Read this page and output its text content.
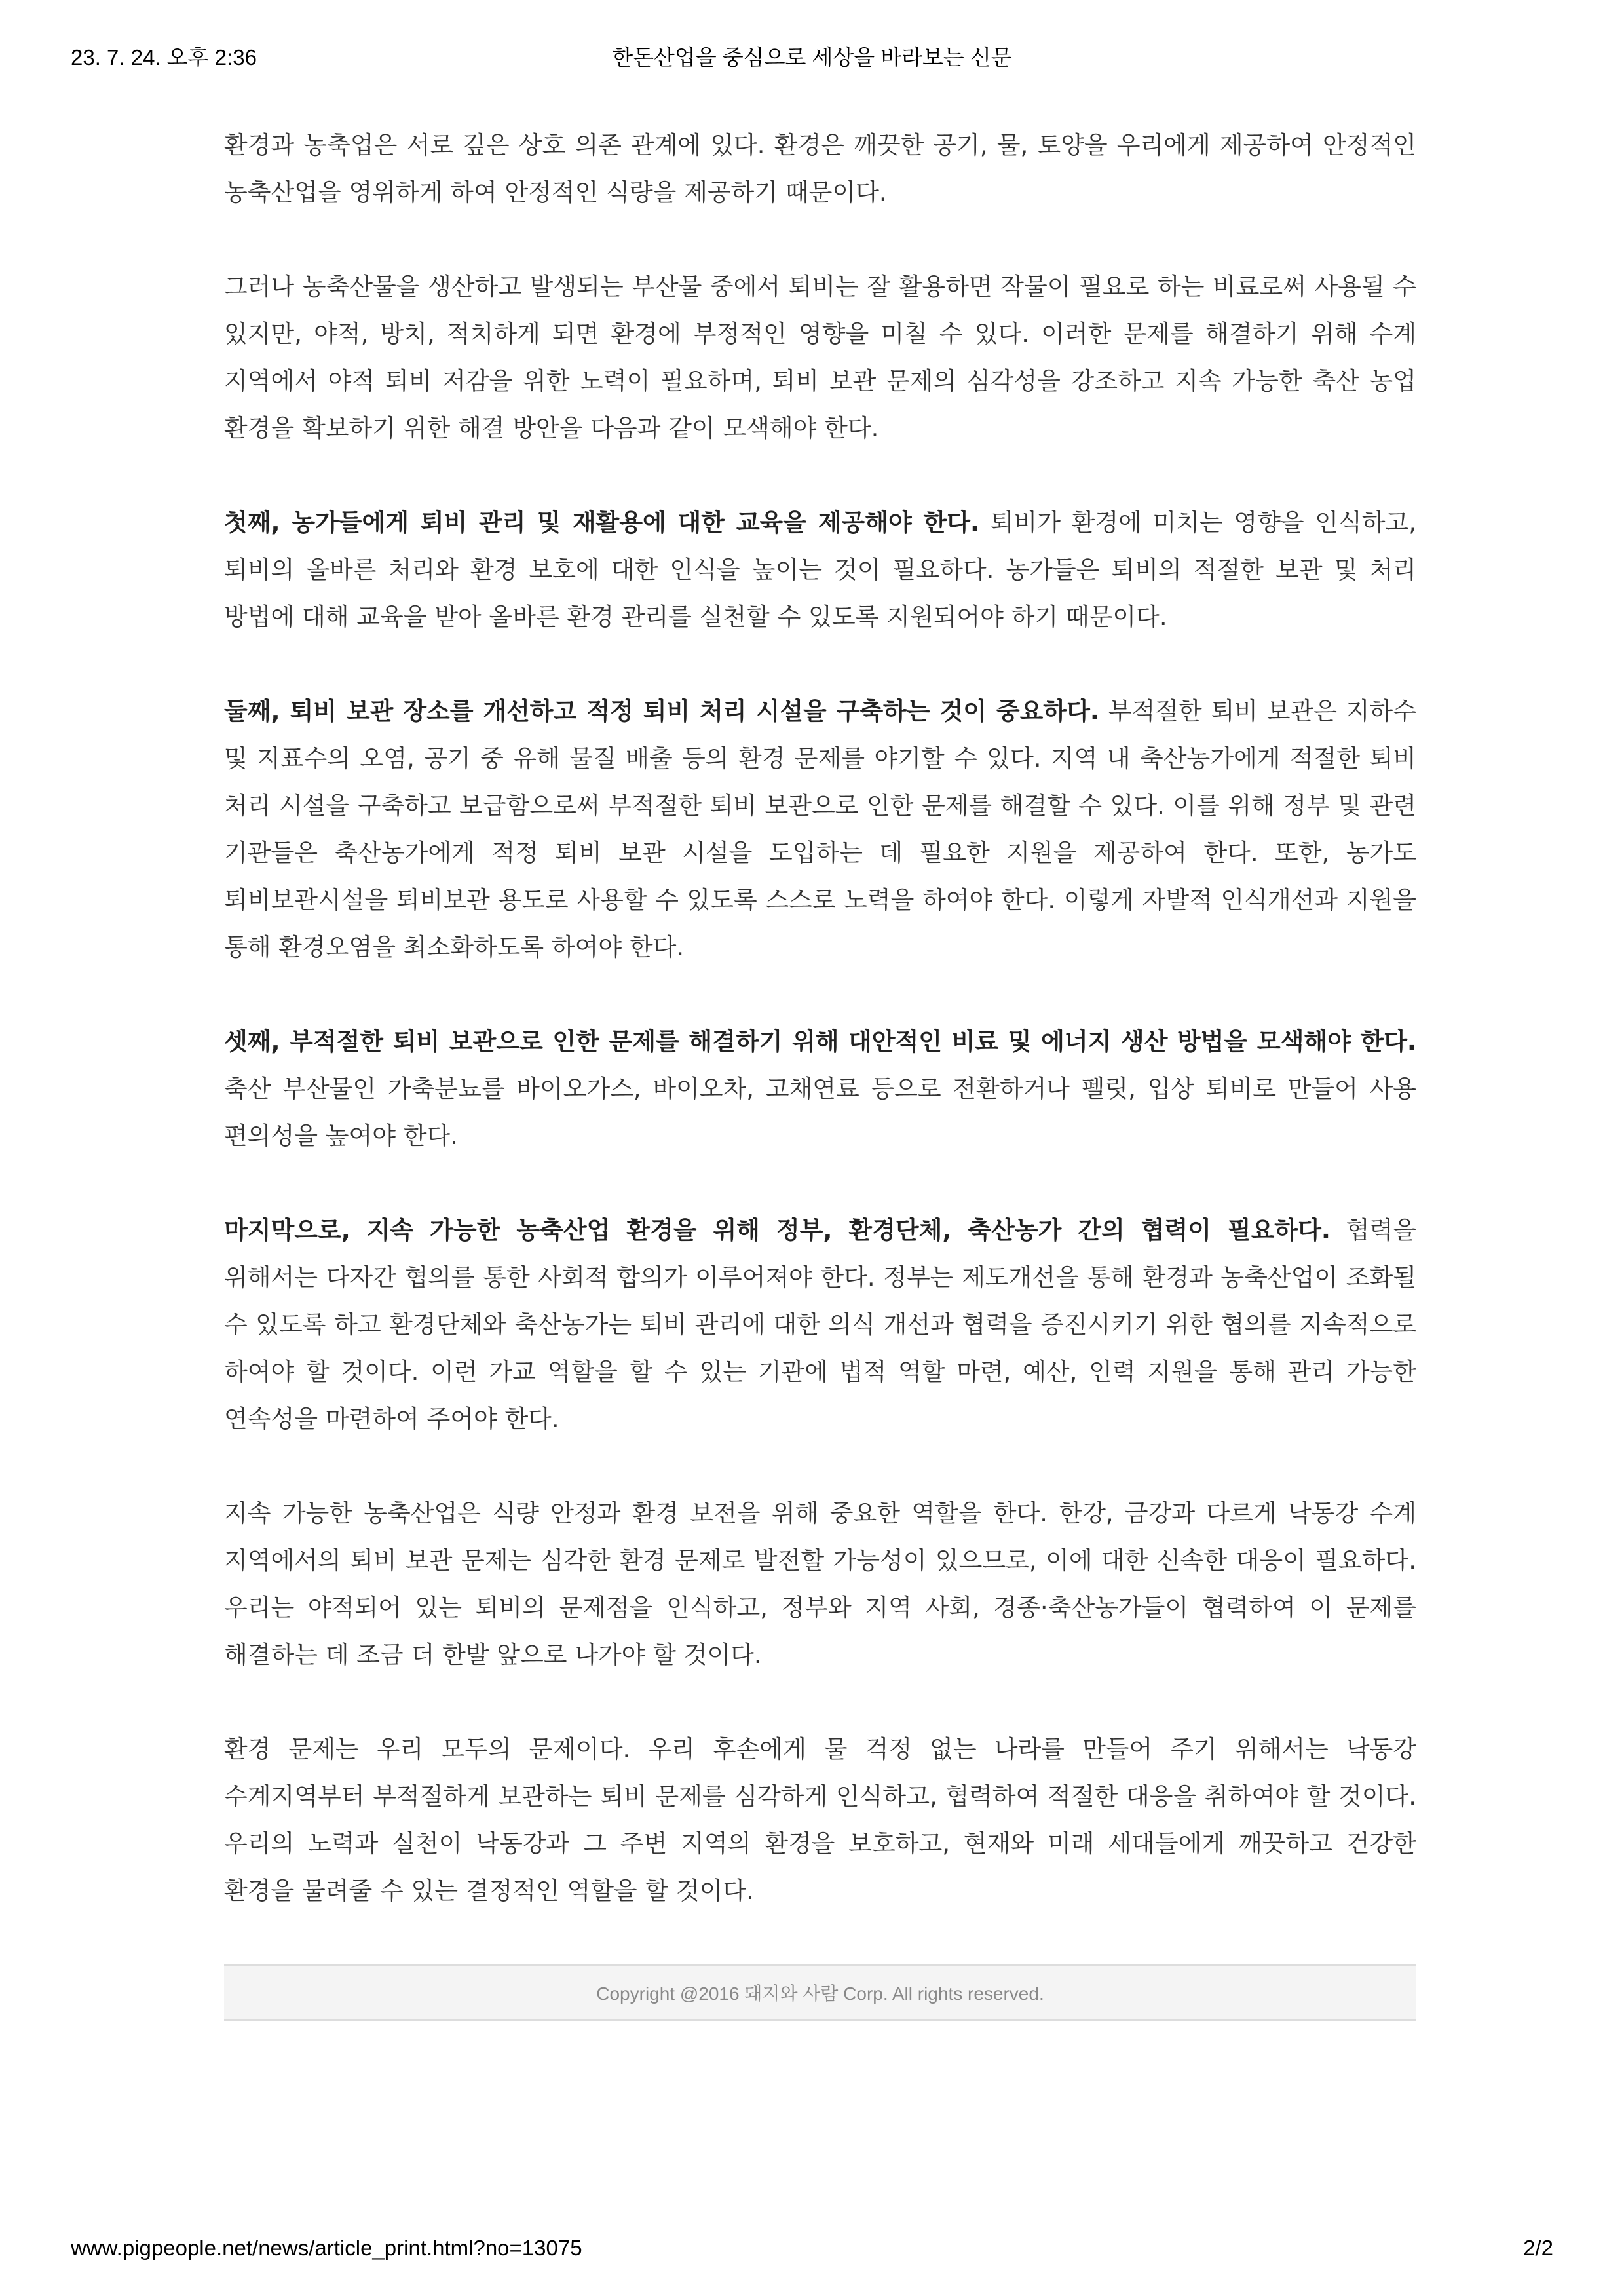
한돈산업을 중심으로 세상을 바라보는 신문
23. 7. 24. 오후 2:36

환경과 농축업은 서로 깊은 상호 의존 관계에 있다. 환경은 깨끗한 공기, 물, 토양을 우리에게 제공하여 안정적인 농축산업을 영위하게 하여 안정적인 식량을 제공하기 때문이다.

그러나 농축산물을 생산하고 발생되는 부산물 중에서 퇴비는 잘 활용하면 작물이 필요로 하는 비료로써 사용될 수 있지만, 야적, 방치, 적치하게 되면 환경에 부정적인 영향을 미칠 수 있다. 이러한 문제를 해결하기 위해 수계 지역에서 야적 퇴비 저감을 위한 노력이 필요하며, 퇴비 보관 문제의 심각성을 강조하고 지속 가능한 축산 농업 환경을 확보하기 위한 해결 방안을 다음과 같이 모색해야 한다.

첫째, 농가들에게 퇴비 관리 및 재활용에 대한 교육을 제공해야 한다. 퇴비가 환경에 미치는 영향을 인식하고, 퇴비의 올바른 처리와 환경 보호에 대한 인식을 높이는 것이 필요하다. 농가들은 퇴비의 적절한 보관 및 처리 방법에 대해 교육을 받아 올바른 환경 관리를 실천할 수 있도록 지원되어야 하기 때문이다.

둘째, 퇴비 보관 장소를 개선하고 적정 퇴비 처리 시설을 구축하는 것이 중요하다. 부적절한 퇴비 보관은 지하수 및 지표수의 오염, 공기 중 유해 물질 배출 등의 환경 문제를 야기할 수 있다. 지역 내 축산농가에게 적절한 퇴비 처리 시설을 구축하고 보급함으로써 부적절한 퇴비 보관으로 인한 문제를 해결할 수 있다. 이를 위해 정부 및 관련 기관들은 축산농가에게 적정 퇴비 보관 시설을 도입하는 데 필요한 지원을 제공하여 한다. 또한, 농가도 퇴비보관시설을 퇴비보관 용도로 사용할 수 있도록 스스로 노력을 하여야 한다. 이렇게 자발적 인식개선과 지원을 통해 환경오염을 최소화하도록 하여야 한다.

셋째, 부적절한 퇴비 보관으로 인한 문제를 해결하기 위해 대안적인 비료 및 에너지 생산 방법을 모색해야 한다. 축산 부산물인 가축분뇨를 바이오가스, 바이오차, 고채연료 등으로 전환하거나 펠릿, 입상 퇴비로 만들어 사용 편의성을 높여야 한다.

마지막으로, 지속 가능한 농축산업 환경을 위해 정부, 환경단체, 축산농가 간의 협력이 필요하다. 협력을 위해서는 다자간 협의를 통한 사회적 합의가 이루어져야 한다. 정부는 제도개선을 통해 환경과 농축산업이 조화될 수 있도록 하고 환경단체와 축산농가는 퇴비 관리에 대한 의식 개선과 협력을 증진시키기 위한 협의를 지속적으로 하여야 할 것이다. 이런 가교 역할을 할 수 있는 기관에 법적 역할 마련, 예산, 인력 지원을 통해 관리 가능한 연속성을 마련하여 주어야 한다.

지속 가능한 농축산업은 식량 안정과 환경 보전을 위해 중요한 역할을 한다. 한강, 금강과 다르게 낙동강 수계 지역에서의 퇴비 보관 문제는 심각한 환경 문제로 발전할 가능성이 있으므로, 이에 대한 신속한 대응이 필요하다. 우리는 야적되어 있는 퇴비의 문제점을 인식하고, 정부와 지역 사회, 경종·축산농가들이 협력하여 이 문제를 해결하는 데 조금 더 한발 앞으로 나가야 할 것이다.

환경 문제는 우리 모두의 문제이다. 우리 후손에게 물 걱정 없는 나라를 만들어 주기 위해서는 낙동강 수계지역부터 부적절하게 보관하는 퇴비 문제를 심각하게 인식하고, 협력하여 적절한 대응을 취하여야 할 것이다. 우리의 노력과 실천이 낙동강과 그 주변 지역의 환경을 보호하고, 현재와 미래 세대들에게 깨끗하고 건강한 환경을 물려줄 수 있는 결정적인 역할을 할 것이다.

Copyright @2016 돼지와 사람 Corp. All rights reserved.
www.pigpeople.net/news/article_print.html?no=13075	2/2
